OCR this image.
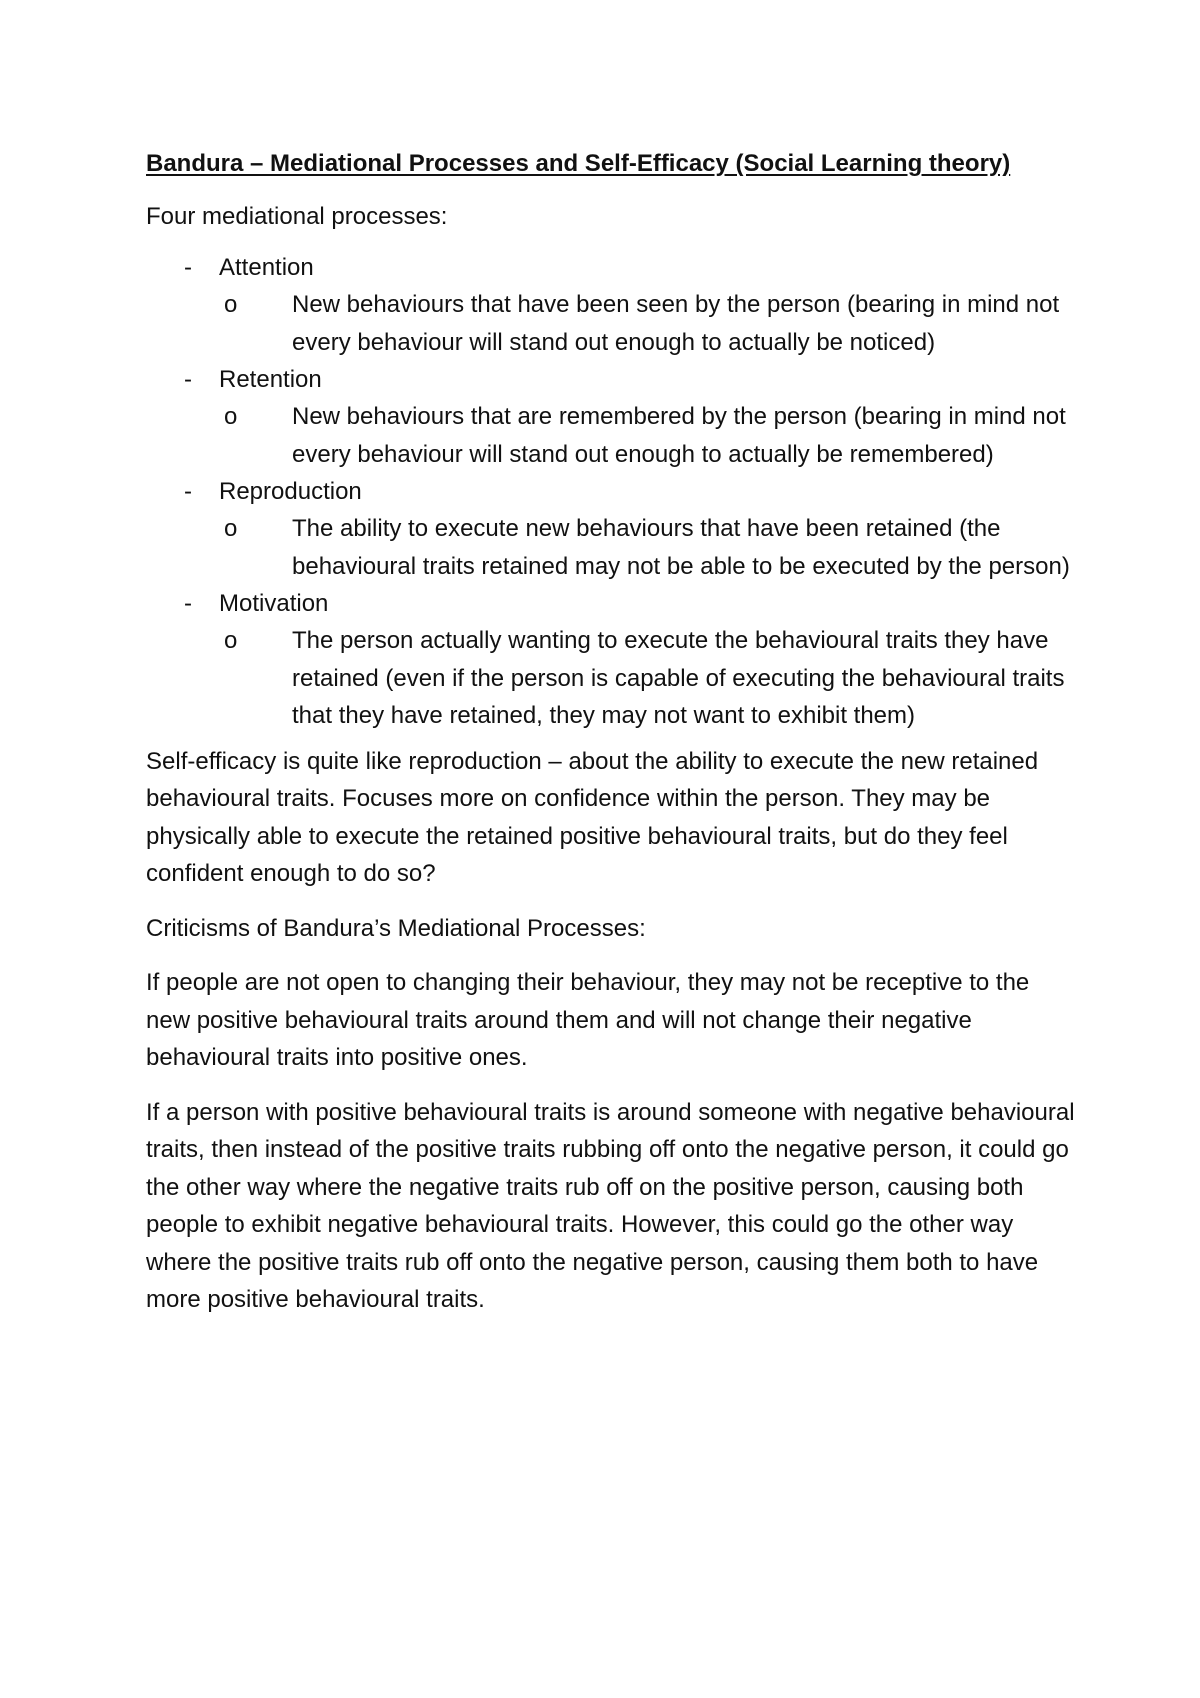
Bandura – Mediational Processes and Self-Efficacy (Social Learning theory)

Four mediational processes:

- Attention
o New behaviours that have been seen by the person (bearing in mind not every behaviour will stand out enough to actually be noticed)
- Retention
o New behaviours that are remembered by the person (bearing in mind not every behaviour will stand out enough to actually be remembered)
- Reproduction
o The ability to execute new behaviours that have been retained (the behavioural traits retained may not be able to be executed by the person)
- Motivation
o The person actually wanting to execute the behavioural traits they have retained (even if the person is capable of executing the behavioural traits that they have retained, they may not want to exhibit them)

Self-efficacy is quite like reproduction – about the ability to execute the new retained behavioural traits. Focuses more on confidence within the person. They may be physically able to execute the retained positive behavioural traits, but do they feel confident enough to do so?

Criticisms of Bandura’s Mediational Processes:

If people are not open to changing their behaviour, they may not be receptive to the new positive behavioural traits around them and will not change their negative behavioural traits into positive ones.

If a person with positive behavioural traits is around someone with negative behavioural traits, then instead of the positive traits rubbing off onto the negative person, it could go the other way where the negative traits rub off on the positive person, causing both people to exhibit negative behavioural traits. However, this could go the other way where the positive traits rub off onto the negative person, causing them both to have more positive behavioural traits.
